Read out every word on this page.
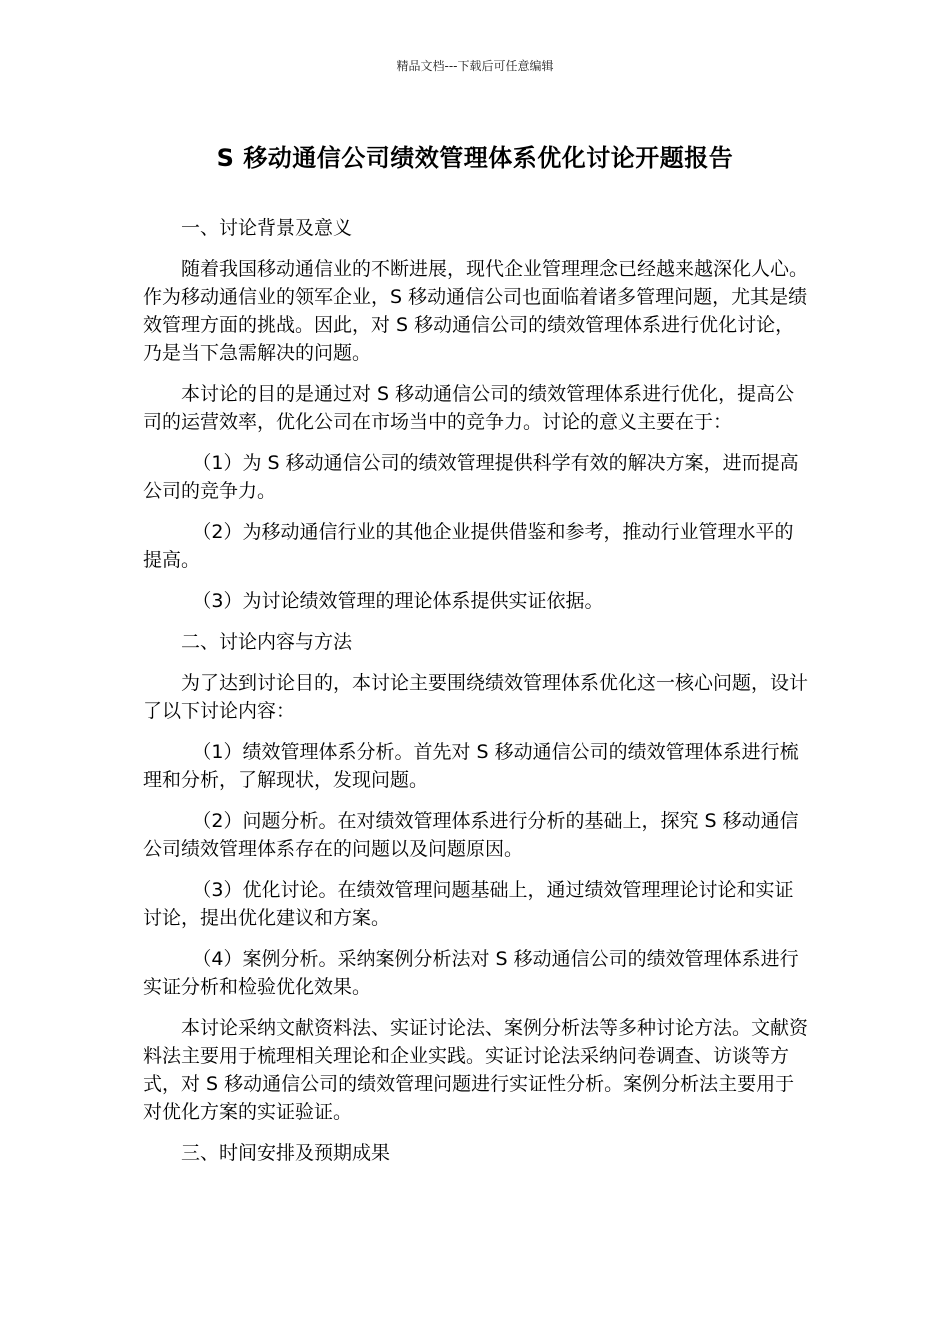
精品文档---下载后可任意编辑
S 移动通信公司绩效管理体系优化讨论开题报告

一、讨论背景及意义

随着我国移动通信业的不断进展，现代企业管理理念已经越来越深化人心。作为移动通信业的领军企业，S 移动通信公司也面临着诸多管理问题，尤其是绩效管理方面的挑战。因此，对 S 移动通信公司的绩效管理体系进行优化讨论，乃是当下急需解决的问题。

本讨论的目的是通过对 S 移动通信公司的绩效管理体系进行优化，提高公司的运营效率，优化公司在市场当中的竞争力。讨论的意义主要在于：

（1）为 S 移动通信公司的绩效管理提供科学有效的解决方案，进而提高公司的竞争力。

（2）为移动通信行业的其他企业提供借鉴和参考，推动行业管理水平的提高。

（3）为讨论绩效管理的理论体系提供实证依据。

二、讨论内容与方法

为了达到讨论目的，本讨论主要围绕绩效管理体系优化这一核心问题，设计了以下讨论内容：

（1）绩效管理体系分析。首先对 S 移动通信公司的绩效管理体系进行梳理和分析，了解现状，发现问题。

（2）问题分析。在对绩效管理体系进行分析的基础上，探究 S 移动通信公司绩效管理体系存在的问题以及问题原因。

（3）优化讨论。在绩效管理问题基础上，通过绩效管理理论讨论和实证讨论，提出优化建议和方案。

（4）案例分析。采纳案例分析法对 S 移动通信公司的绩效管理体系进行实证分析和检验优化效果。

本讨论采纳文献资料法、实证讨论法、案例分析法等多种讨论方法。文献资料法主要用于梳理相关理论和企业实践。实证讨论法采纳问卷调查、访谈等方式，对 S 移动通信公司的绩效管理问题进行实证性分析。案例分析法主要用于对优化方案的实证验证。

三、时间安排及预期成果
